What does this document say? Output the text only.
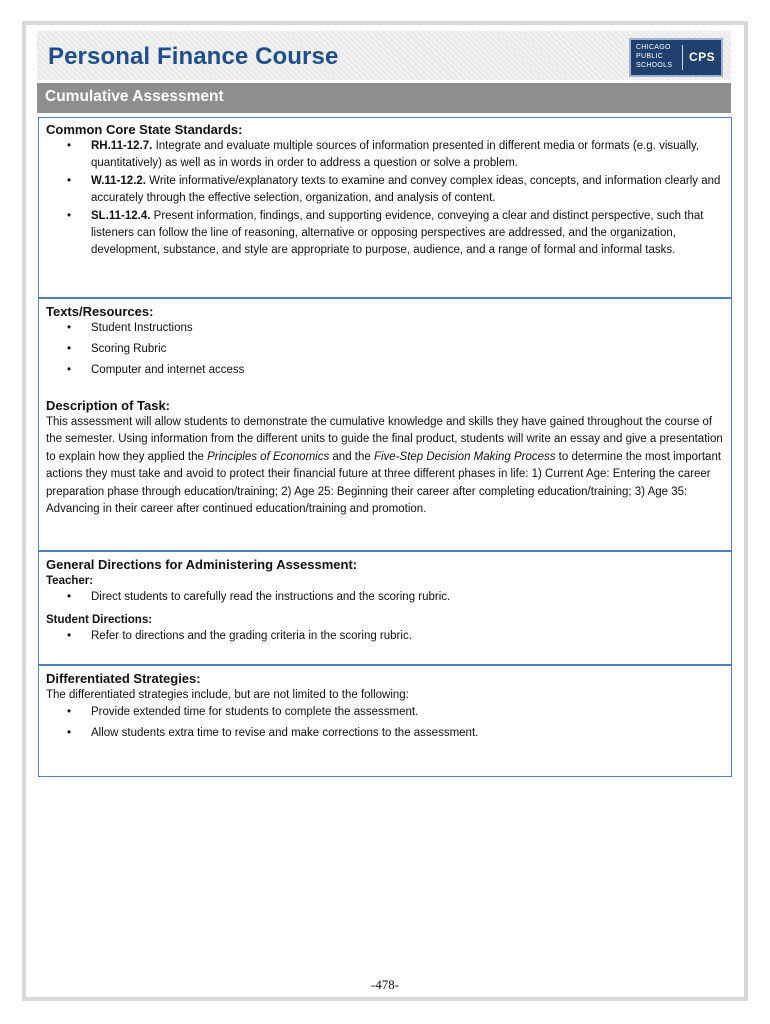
Personal Finance Course	CHICAGO
PUBLIC
SCHOOLS
CPS
Cumulative Assessment

Common Core State Standards:

• RH.11-12.7. Integrate and evaluate multiple sources of information presented in different media or formats (e.g. visually, quantitatively) as well as in words in order to address a question or solve a problem.
• W.11-12.2. Write informative/explanatory texts to examine and convey complex ideas, concepts, and information clearly and accurately through the effective selection, organization, and analysis of content.
• SL.11-12.4. Present information, findings, and supporting evidence, conveying a clear and distinct perspective, such that listeners can follow the line of reasoning, alternative or opposing perspectives are addressed, and the organization, development, substance, and style are appropriate to purpose, audience, and a range of formal and informal tasks.

Texts/Resources:

• Student Instructions
• Scoring Rubric
• Computer and internet access

Description of Task:

This assessment will allow students to demonstrate the cumulative knowledge and skills they have gained throughout the course of the semester. Using information from the different units to guide the final product, students will write an essay and give a presentation to explain how they applied the Principles of Economics and the Five-Step Decision Making Process to determine the most important actions they must take and avoid to protect their financial future at three different phases in life: 1) Current Age: Entering the career preparation phase through education/training; 2) Age 25: Beginning their career after completing education/training; 3) Age 35: Advancing in their career after continued education/training and promotion.

General Directions for Administering Assessment:

Teacher:

• Direct students to carefully read the instructions and the scoring rubric.

Student Directions:

• Refer to directions and the grading criteria in the scoring rubric.

Differentiated Strategies:

The differentiated strategies include, but are not limited to the following:

• Provide extended time for students to complete the assessment.
• Allow students extra time to revise and make corrections to the assessment.
-478-
